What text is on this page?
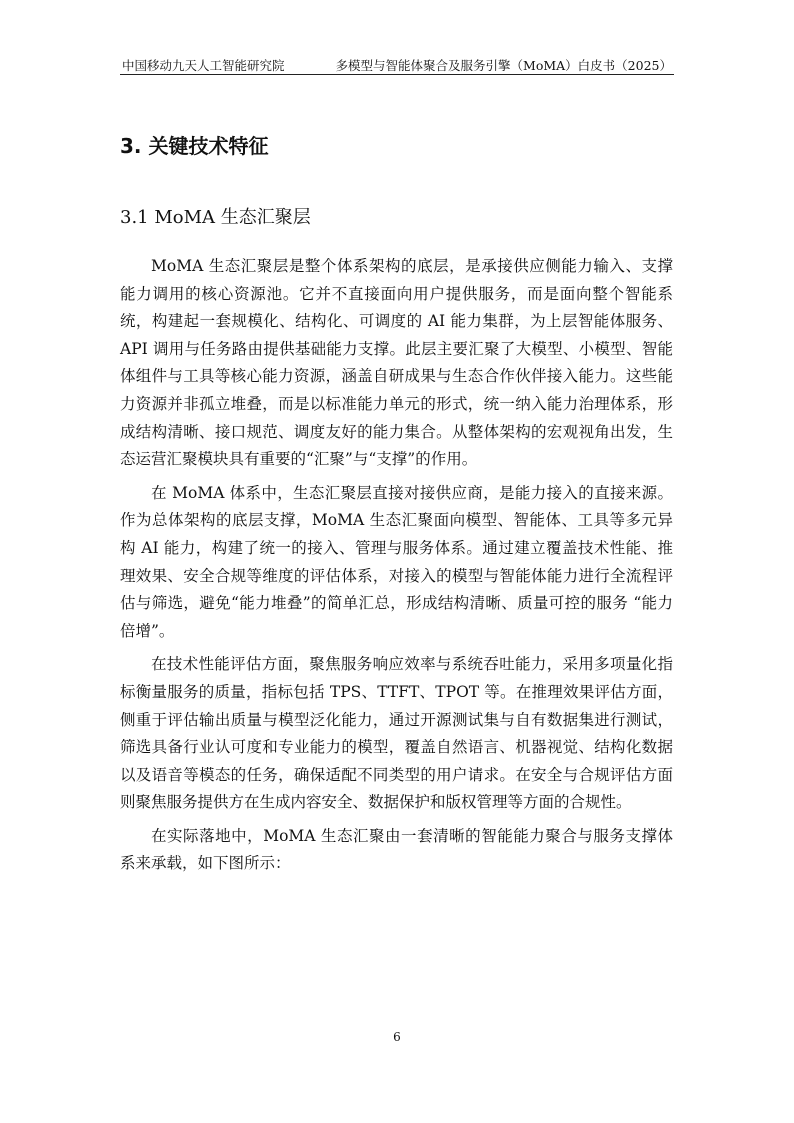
中国移动九天人工智能研究院	多模型与智能体聚合及服务引擎（MoMA）白皮书（2025）
3. 关键技术特征
3.1 MoMA 生态汇聚层

MoMA 生态汇聚层是整个体系架构的底层，是承接供应侧能力输入、支撑能力调用的核心资源池。它并不直接面向用户提供服务，而是面向整个智能系统，构建起一套规模化、结构化、可调度的 AI 能力集群，为上层智能体服务、API 调用与任务路由提供基础能力支撑。此层主要汇聚了大模型、小模型、智能体组件与工具等核心能力资源，涵盖自研成果与生态合作伙伴接入能力。这些能力资源并非孤立堆叠，而是以标准能力单元的形式，统一纳入能力治理体系，形成结构清晰、接口规范、调度友好的能力集合。从整体架构的宏观视角出发，生态运营汇聚模块具有重要的“汇聚”与“支撑”的作用。

在 MoMA 体系中，生态汇聚层直接对接供应商，是能力接入的直接来源。作为总体架构的底层支撑，MoMA 生态汇聚面向模型、智能体、工具等多元异构 AI 能力，构建了统一的接入、管理与服务体系。通过建立覆盖技术性能、推理效果、安全合规等维度的评估体系，对接入的模型与智能体能力进行全流程评估与筛选，避免“能力堆叠”的简单汇总，形成结构清晰、质量可控的服务 “能力倍增”。

在技术性能评估方面，聚焦服务响应效率与系统吞吐能力，采用多项量化指标衡量服务的质量，指标包括 TPS、TTFT、TPOT 等。在推理效果评估方面，侧重于评估输出质量与模型泛化能力，通过开源测试集与自有数据集进行测试，筛选具备行业认可度和专业能力的模型，覆盖自然语言、机器视觉、结构化数据以及语音等模态的任务，确保适配不同类型的用户请求。在安全与合规评估方面则聚焦服务提供方在生成内容安全、数据保护和版权管理等方面的合规性。

在实际落地中，MoMA 生态汇聚由一套清晰的智能能力聚合与服务支撑体系来承载，如下图所示：

6
